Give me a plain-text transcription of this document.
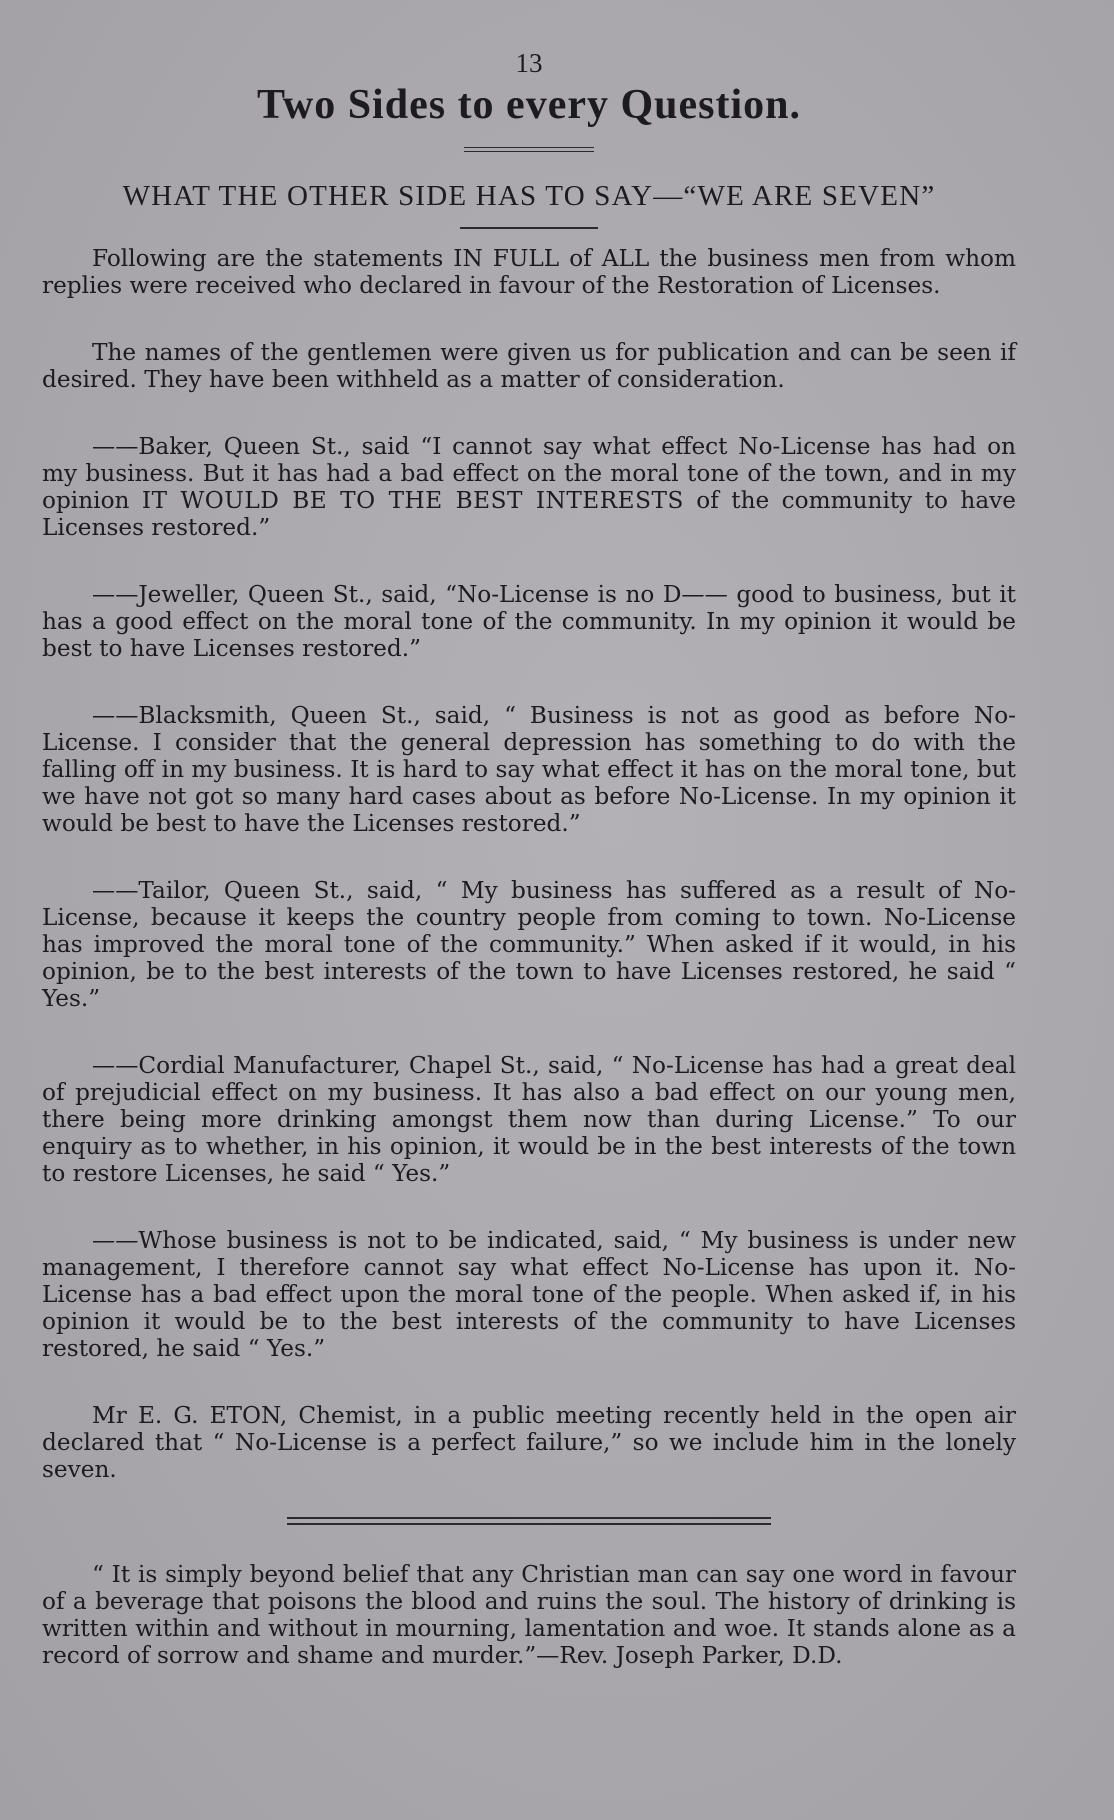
13
Two Sides to every Question.
WHAT THE OTHER SIDE HAS TO SAY—“WE ARE SEVEN”

Following are the statements IN FULL of ALL the business men from whom replies were received who declared in favour of the Restoration of Licenses.

The names of the gentlemen were given us for publication and can be seen if desired. They have been withheld as a matter of consideration.

——Baker, Queen St., said “I cannot say what effect No-License has had on my business. But it has had a bad effect on the moral tone of the town, and in my opinion IT WOULD BE TO THE BEST INTERESTS of the community to have Licenses restored.”

——Jeweller, Queen St., said, “No-License is no D—— good to business, but it has a good effect on the moral tone of the community. In my opinion it would be best to have Licenses restored.”

——Blacksmith, Queen St., said, “ Business is not as good as before No-License. I consider that the general depression has something to do with the falling off in my business. It is hard to say what effect it has on the moral tone, but we have not got so many hard cases about as before No-License. In my opinion it would be best to have the Licenses restored.”

——Tailor, Queen St., said, “ My business has suffered as a result of No-License, because it keeps the country people from coming to town. No-License has improved the moral tone of the community.” When asked if it would, in his opinion, be to the best interests of the town to have Licenses restored, he said “ Yes.”

——Cordial Manufacturer, Chapel St., said, “ No-License has had a great deal of prejudicial effect on my business. It has also a bad effect on our young men, there being more drinking amongst them now than during License.” To our enquiry as to whether, in his opinion, it would be in the best interests of the town to restore Licenses, he said “ Yes.”

——Whose business is not to be indicated, said, “ My business is under new management, I therefore cannot say what effect No-License has upon it. No-License has a bad effect upon the moral tone of the people. When asked if, in his opinion it would be to the best interests of the community to have Licenses restored, he said “ Yes.”

Mr E. G. ETON, Chemist, in a public meeting recently held in the open air declared that “ No-License is a perfect failure,” so we include him in the lonely seven.

“ It is simply beyond belief that any Christian man can say one word in favour of a beverage that poisons the blood and ruins the soul. The history of drinking is written within and without in mourning, lamentation and woe. It stands alone as a record of sorrow and shame and murder.”—Rev. Joseph Parker, D.D.
